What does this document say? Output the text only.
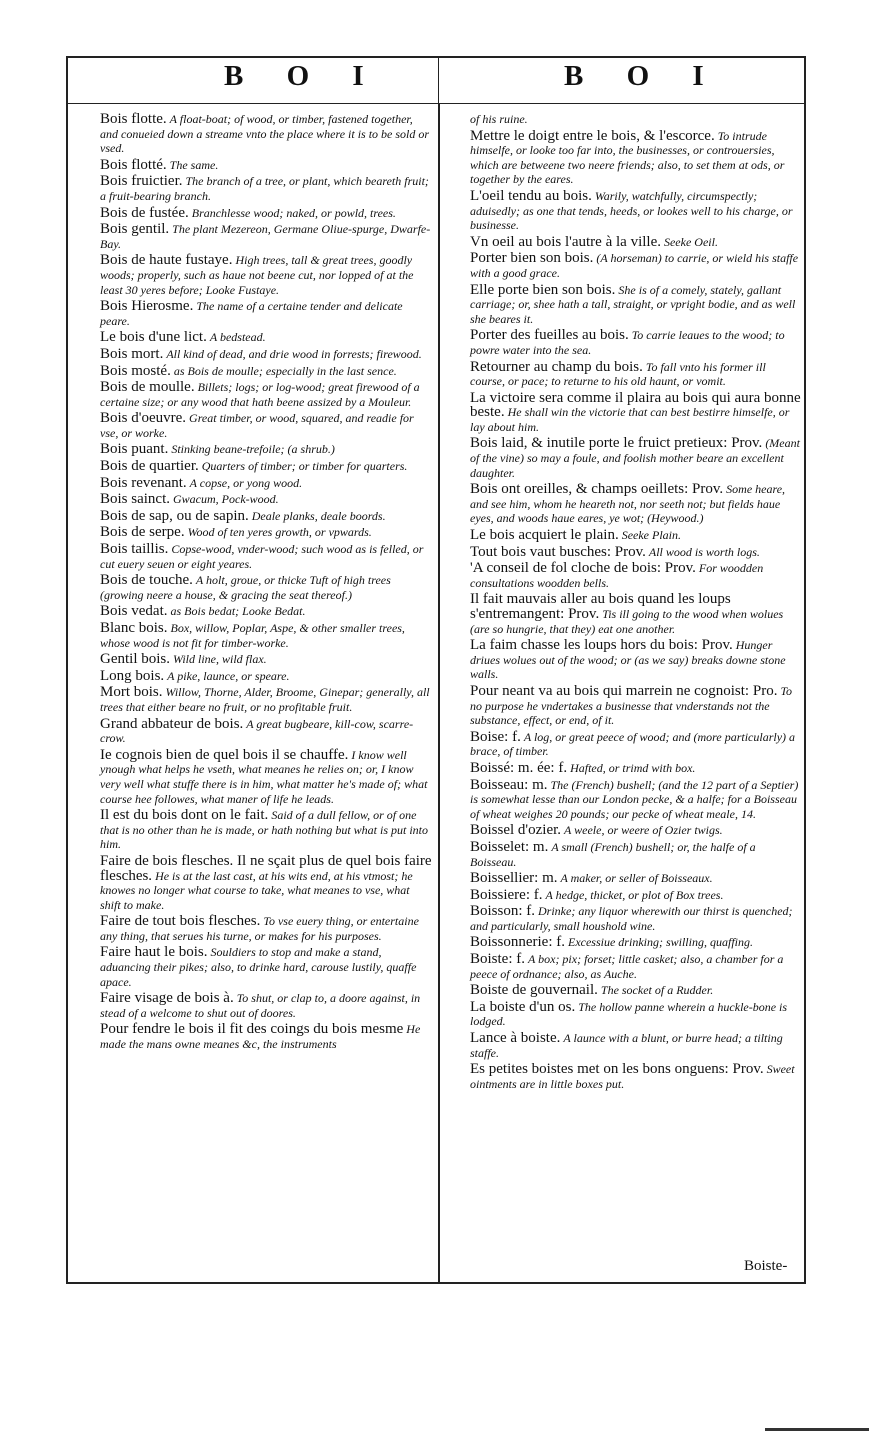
B O I	B O I

Bois flotte. A float-boat; of wood, or timber, fastened together, and conueied down a streame vnto the place where it is to be sold or vsed.

Bois flotté. The same.

Bois fruictier. The branch of a tree, or plant, which beareth fruit; a fruit-bearing branch.

Bois de fustée. Branchlesse wood; naked, or powld, trees.

Bois gentil. The plant Mezereon, Germane Oliue-spurge, Dwarfe-Bay.

Bois de haute fustaye. High trees, tall & great trees, goodly woods; properly, such as haue not beene cut, nor lopped of at the least 30 yeres before; Looke Fustaye.

Bois Hierosme. The name of a certaine tender and delicate peare.

Le bois d'une lict. A bedstead.

Bois mort. All kind of dead, and drie wood in forrests; firewood.

Bois mosté. as Bois de moulle; especially in the last sence.

Bois de moulle. Billets; logs; or log-wood; great firewood of a certaine size; or any wood that hath beene assized by a Mouleur.

Bois d'oeuvre. Great timber, or wood, squared, and readie for vse, or worke.

Bois puant. Stinking beane-trefoile; (a shrub.)

Bois de quartier. Quarters of timber; or timber for quarters.

Bois revenant. A copse, or yong wood.

Bois sainct. Gwacum, Pock-wood.

Bois de sap, ou de sapin. Deale planks, deale boords.

Bois de serpe. Wood of ten yeres growth, or vpwards.

Bois taillis. Copse-wood, vnder-wood; such wood as is felled, or cut euery seuen or eight yeares.

Bois de touche. A holt, groue, or thicke Tuft of high trees (growing neere a house, & gracing the seat thereof.)

Bois vedat. as Bois bedat; Looke Bedat.

Blanc bois. Box, willow, Poplar, Aspe, & other smaller trees, whose wood is not fit for timber-worke.

Gentil bois. Wild line, wild flax.

Long bois. A pike, launce, or speare.

Mort bois. Willow, Thorne, Alder, Broome, Ginepar; generally, all trees that either beare no fruit, or no profitable fruit.

Grand abbateur de bois. A great bugbeare, kill-cow, scarre-crow.

Ie cognois bien de quel bois il se chauffe. I know well ynough what helps he vseth, what meanes he relies on; or, I know very well what stuffe there is in him, what matter he's made of; what course hee followes, what maner of life he leads.

Il est du bois dont on le fait. Said of a dull fellow, or of one that is no other than he is made, or hath nothing but what is put into him.

Faire de bois flesches. Il ne sçait plus de quel bois faire flesches. He is at the last cast, at his wits end, at his vtmost; he knowes no longer what course to take, what meanes to vse, what shift to make.

Faire de tout bois flesches. To vse euery thing, or entertaine any thing, that serues his turne, or makes for his purposes.

Faire haut le bois. Souldiers to stop and make a stand, aduancing their pikes; also, to drinke hard, carouse lustily, quaffe apace.

Faire visage de bois à. To shut, or clap to, a doore against, in stead of a welcome to shut out of doores.

Pour fendre le bois il fit des coings du bois mesme He made the mans owne meanes &c, the instruments

of his ruine.

Mettre le doigt entre le bois, & l'escorce. To intrude himselfe, or looke too far into, the businesses, or controuersies, which are betweene two neere friends; also, to set them at ods, or together by the eares.

L'oeil tendu au bois. Warily, watchfully, circumspectly; aduisedly; as one that tends, heeds, or lookes well to his charge, or businesse.

Vn oeil au bois l'autre à la ville. Seeke Oeil.

Porter bien son bois. (A horseman) to carrie, or wield his staffe with a good grace.

Elle porte bien son bois. She is of a comely, stately, gallant carriage; or, shee hath a tall, straight, or vpright bodie, and as well she beares it.

Porter des fueilles au bois. To carrie leaues to the wood; to powre water into the sea.

Retourner au champ du bois. To fall vnto his former ill course, or pace; to returne to his old haunt, or vomit.

La victoire sera comme il plaira au bois qui aura bonne beste. He shall win the victorie that can best bestirre himselfe, or lay about him.

Bois laid, & inutile porte le fruict pretieux: Prov. (Meant of the vine) so may a foule, and foolish mother beare an excellent daughter.

Bois ont oreilles, & champs oeillets: Prov. Some heare, and see him, whom he heareth not, nor seeth not; but fields haue eyes, and woods haue eares, ye wot; (Heywood.)

Le bois acquiert le plain. Seeke Plain.

Tout bois vaut busches: Prov. All wood is worth logs.

'A conseil de fol cloche de bois: Prov. For woodden consultations woodden bells.

Il fait mauvais aller au bois quand les loups s'entremangent: Prov. Tis ill going to the wood when wolues (are so hungrie, that they) eat one another.

La faim chasse les loups hors du bois: Prov. Hunger driues wolues out of the wood; or (as we say) breaks downe stone walls.

Pour neant va au bois qui marrein ne cognoist: Pro. To no purpose he vndertakes a businesse that vnderstands not the substance, effect, or end, of it.

Boise: f. A log, or great peece of wood; and (more particularly) a brace, of timber.

Boissé: m. ée: f. Hafted, or trimd with box.

Boisseau: m. The (French) bushell; (and the 12 part of a Septier) is somewhat lesse than our London pecke, & a halfe; for a Boisseau of wheat weighes 20 pounds; our pecke of wheat meale, 14.

Boissel d'ozier. A weele, or weere of Ozier twigs.

Boisselet: m. A small (French) bushell; or, the halfe of a Boisseau.

Boissellier: m. A maker, or seller of Boisseaux.

Boissiere: f. A hedge, thicket, or plot of Box trees.

Boisson: f. Drinke; any liquor wherewith our thirst is quenched; and particularly, small houshold wine.

Boissonnerie: f. Excessiue drinking; swilling, quaffing.

Boiste: f. A box; pix; forset; little casket; also, a chamber for a peece of ordnance; also, as Auche.

Boiste de gouvernail. The socket of a Rudder.

La boiste d'un os. The hollow panne wherein a huckle-bone is lodged.

Lance à boiste. A launce with a blunt, or burre head; a tilting staffe.

Es petites boistes met on les bons onguens: Prov. Sweet ointments are in little boxes put.

Boiste-
